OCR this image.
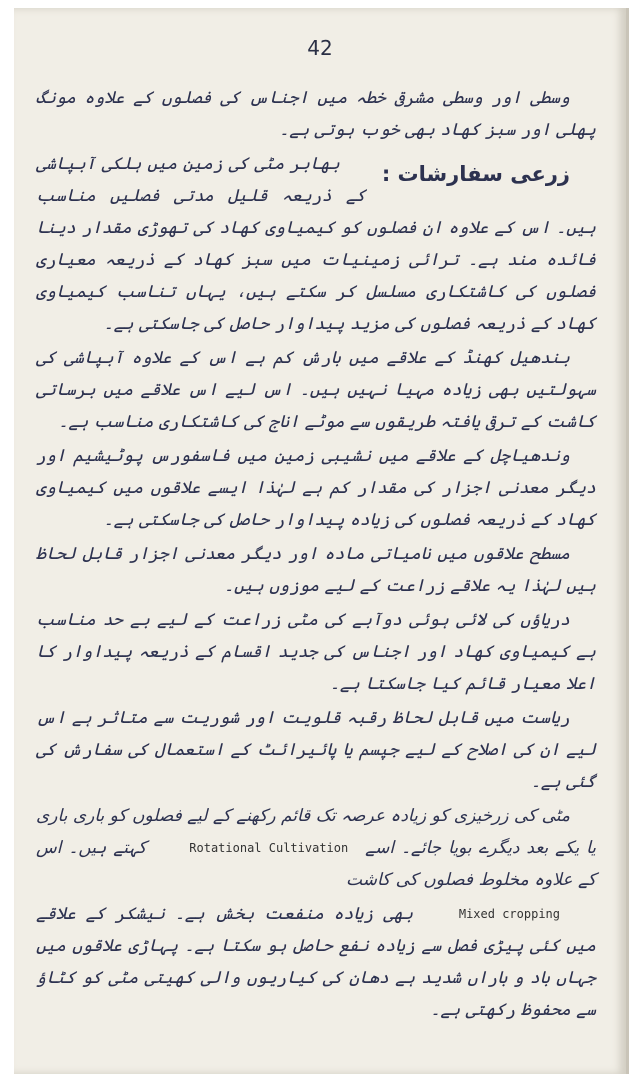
42

وسطی اور وسطی مشرقی خطہ میں اجناس کی فصلوں کے علاوہ مونگ پھلی اور سبز کھاد بھی خوب ہوتی ہے۔

زرعی سفارشات :
بھابر مٹی کی زمین میں ہلکی آبپاشی کے ذریعہ قلیل مدتی فصلیں مناسب ہیں۔ اس کے علاوہ ان فصلوں کو کیمیاوی کھاد کی تھوڑی مقدار دینا فائدہ مند ہے۔ ترائی زمینیات میں سبز کھاد کے ذریعہ معیاری فصلوں کی کاشتکاری مسلسل کر سکتے ہیں، یہاں تناسب کیمیاوی کھاد کے ذریعہ فصلوں کی مزید پیداوار حاصل کی جاسکتی ہے۔

بندھیل کھنڈ کے علاقے میں بارش کم ہے اس کے علاوہ آبپاشی کی سہولتیں بھی زیادہ مہیا نہیں ہیں۔ اس لیے اس علاقے میں برساتی کاشت کے ترقی یافتہ طریقوں سے موٹے اناج کی کاشتکاری مناسب ہے۔

وندھیاچل کے علاقے میں نشیبی زمین میں فاسفورس پوٹیشیم اور دیگر معدنی اجزار کی مقدار کم ہے لہٰذا ایسے علاقوں میں کیمیاوی کھاد کے ذریعہ فصلوں کی زیادہ پیداوار حاصل کی جاسکتی ہے۔

مسطح علاقوں میں نامیاتی مادہ اور دیگر معدنی اجزار قابل لحاظ ہیں لہٰذا یہ علاقے زراعت کے لیے موزوں ہیں۔

دریاؤں کی لائی ہوئی دوآبے کی مٹی زراعت کے لیے بے حد مناسب ہے کیمیاوی کھاد اور اجناس کی جدید اقسام کے ذریعہ پیداوار کا اعلا معیار قائم کیا جاسکتا ہے۔

ریاست میں قابل لحاظ رقبہ قلویت اور شوریت سے متاثر ہے اس لیے ان کی اصلاح کے لیے جپسم یا پائیرائٹ کے استعمال کی سفارش کی گئی ہے۔

مٹی کی زرخیزی کو زیادہ عرصہ تک قائم رکھنے کے لیے فصلوں کو باری باری یا یکے بعد دیگرے بویا جائے۔ اسے Rotational Cultivation کہتے ہیں۔ اس کے علاوہ مخلوط فصلوں کی کاشت

Mixed cropping بھی زیادہ منفعت بخش ہے۔ نیشکر کے علاقے میں کئی پیڑی فصل سے زیادہ نفع حاصل ہو سکتا ہے۔ پہاڑی علاقوں میں جہاں باد و باراں شدید ہے دھان کی کیاریوں والی کھیتی مٹی کو کٹاؤ سے محفوظ رکھتی ہے۔
